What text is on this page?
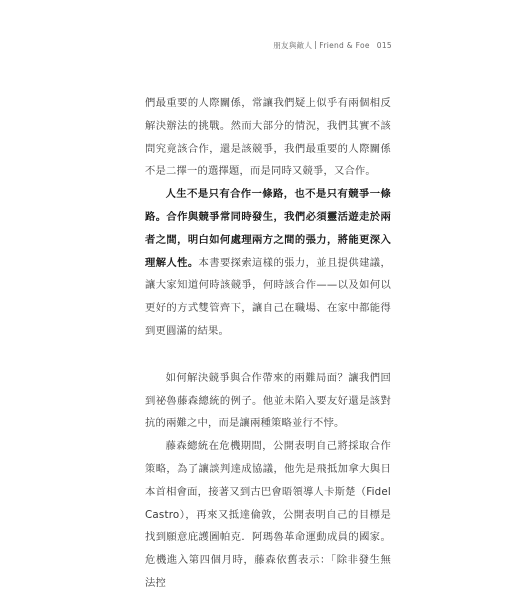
朋友與敵人 Friend & Foe 015

們最重要的人際關係，常讓我們疑上似乎有兩個相反解決辦法的挑戰。然而大部分的情況，我們其實不該問究竟該合作，還是該競爭，我們最重要的人際關係不是二擇一的選擇題，而是同時又競爭，又合作。

人生不是只有合作一條路，也不是只有競爭一條路。合作與競爭常同時發生，我們必須靈活遊走於兩者之間，明白如何處理兩方之間的張力，將能更深入理解人性。本書要探索這樣的張力，並且提供建議，讓大家知道何時該競爭，何時該合作——以及如何以更好的方式雙管齊下，讓自己在職場、在家中都能得到更圓滿的結果。

如何解決競爭與合作帶來的兩難局面？讓我們回到祕魯藤森總統的例子。他並未陷入要友好還是該對抗的兩難之中，而是讓兩種策略並行不悖。

藤森總統在危機期間，公開表明自己將採取合作策略，為了讓談判達成協議，他先是飛抵加拿大與日本首相會面，接著又到古巴會晤領導人卡斯楚（Fidel Castro），再來又抵達倫敦，公開表明自己的目標是找到願意庇護圖帕克．阿瑪魯革命運動成員的國家。危機進入第四個月時，藤森依舊表示：「除非發生無法控
